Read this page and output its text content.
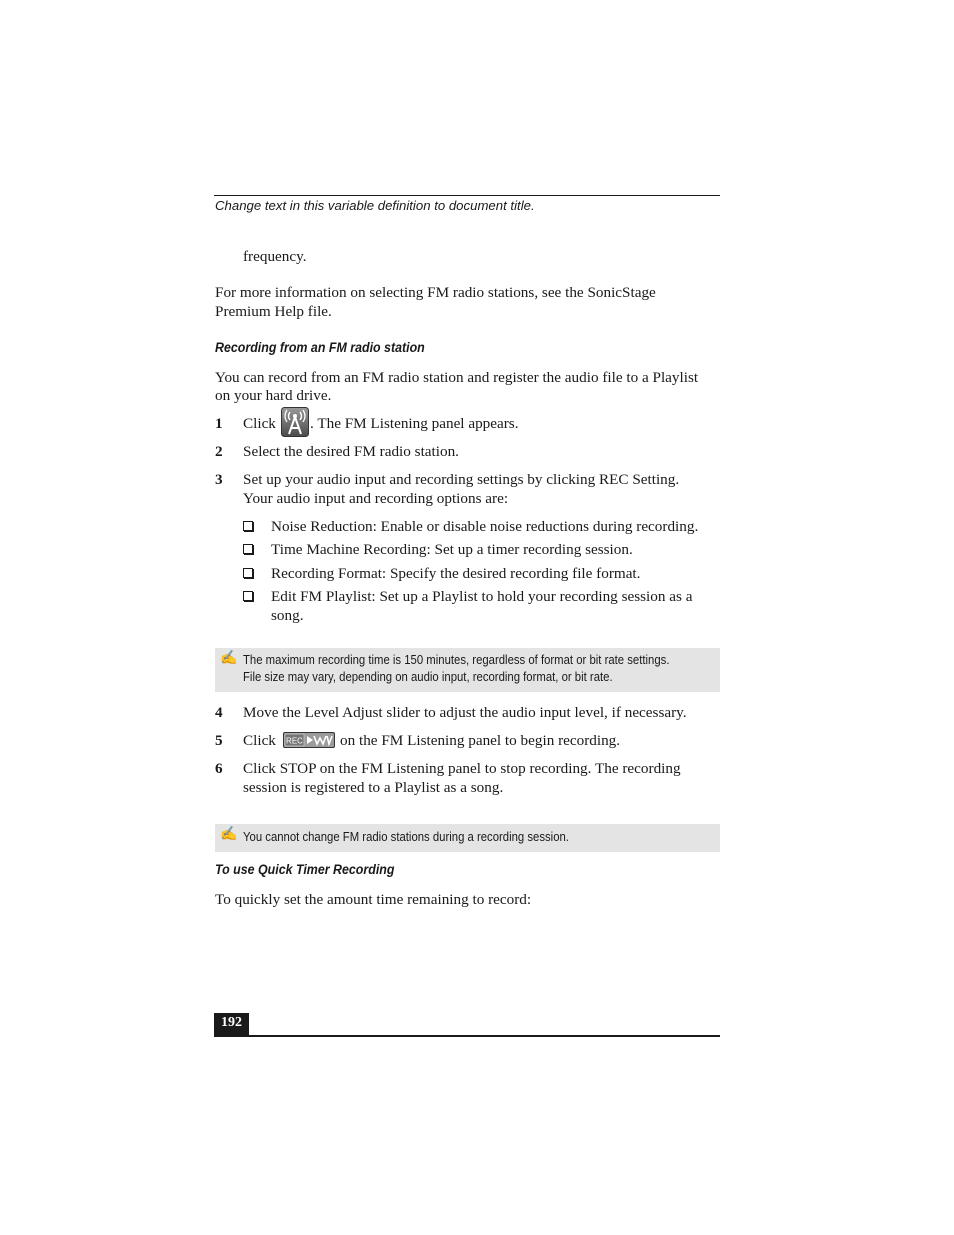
Change text in this variable definition to document title.
frequency.
For more information on selecting FM radio stations, see the SonicStage
Premium Help file.
Recording from an FM radio station
You can record from an FM radio station and register the audio file to a Playlist
on your hard drive.
1 Click . The FM Listening panel appears.
2 Select the desired FM radio station.
3 Set up your audio input and recording settings by clicking REC Setting.
Your audio input and recording options are:
Noise Reduction: Enable or disable noise reductions during recording.
Time Machine Recording: Set up a timer recording session.
Recording Format: Specify the desired recording file format.
Edit FM Playlist: Set up a Playlist to hold your recording session as a
song.
✍ The maximum recording time is 150 minutes, regardless of format or bit rate settings.
File size may vary, depending on audio input, recording format, or bit rate.
4 Move the Level Adjust slider to adjust the audio input level, if necessary.
5 Click REC on the FM Listening panel to begin recording.
6 Click STOP on the FM Listening panel to stop recording. The recording
session is registered to a Playlist as a song.
✍ You cannot change FM radio stations during a recording session.
To use Quick Timer Recording
To quickly set the amount time remaining to record:
192
